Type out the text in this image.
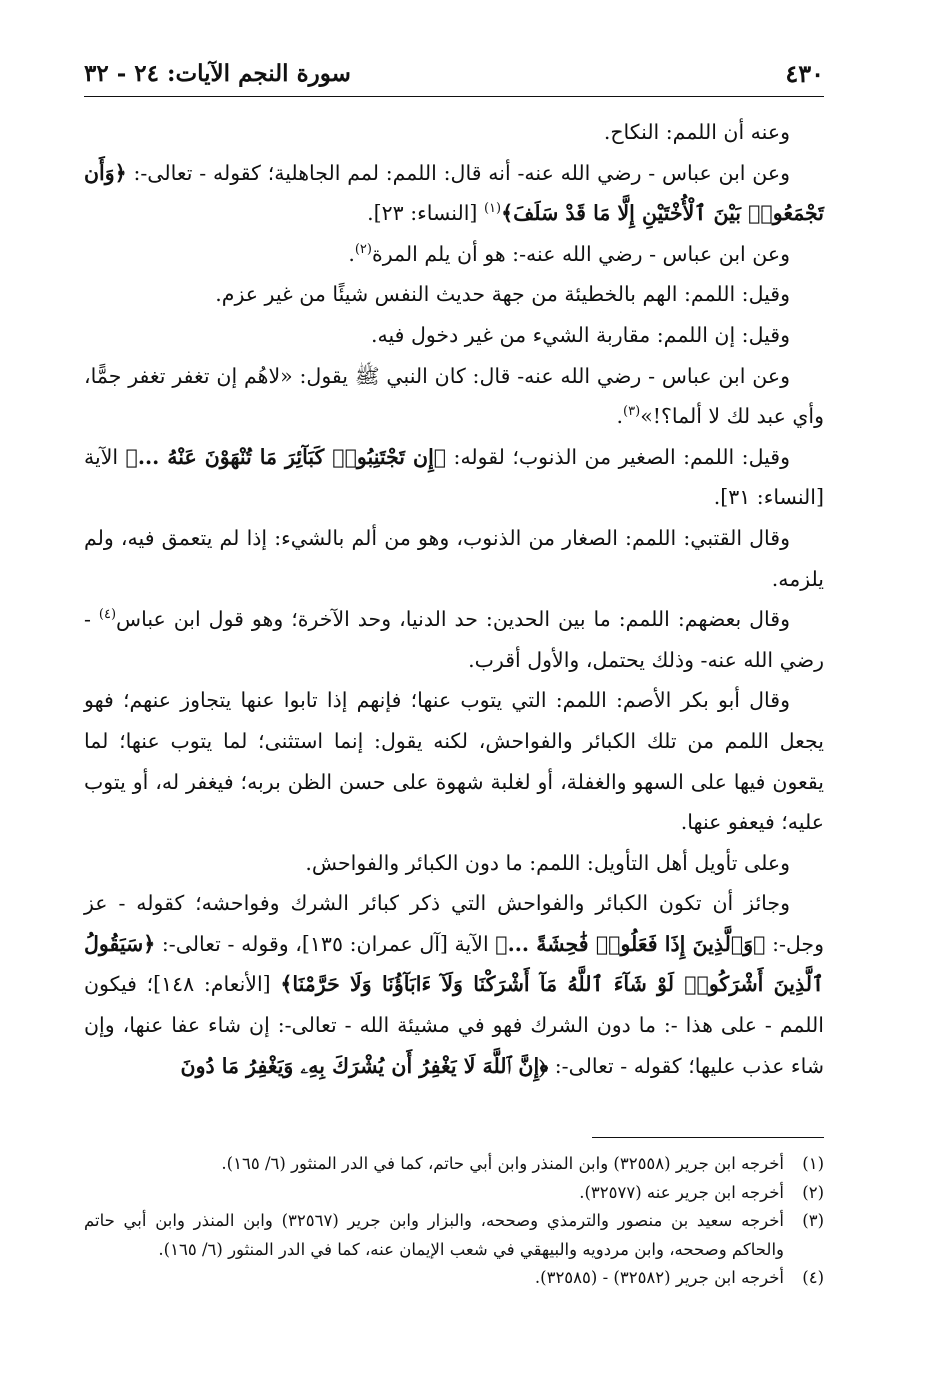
٤٣٠
سورة النجم الآيات: ٢٤ - ٣٢

وعنه أن اللمم: النكاح.

وعن ابن عباس - رضي الله عنه- أنه قال: اللمم: لمم الجاهلية؛ كقوله - تعالى-: ﴿وَأَن تَجْمَعُوا۟ بَيْنَ ٱلْأُخْتَيْنِ إِلَّا مَا قَدْ سَلَفَ﴾$^{(١)}$ [النساء: ٢٣].

وعن ابن عباس - رضي الله عنه-: هو أن يلم المرة$^{(٢)}$.

وقيل: اللمم: الهم بالخطيئة من جهة حديث النفس شيئًا من غير عزم.

وقيل: إن اللمم: مقاربة الشيء من غير دخول فيه.

وعن ابن عباس - رضي الله عنه- قال: كان النبي ﷺ يقول: «لاهُم إن تغفر تغفر جمًّا، وأي عبد لك لا ألما؟!»$^{(٣)}$.

وقيل: اللمم: الصغير من الذنوب؛ لقوله: ﴿إِن تَجْتَنِبُوا۟ كَبَآئِرَ مَا تُنْهَوْنَ عَنْهُ ...﴾ الآية [النساء: ٣١].

وقال القتبي: اللمم: الصغار من الذنوب، وهو من ألم بالشيء: إذا لم يتعمق فيه، ولم يلزمه.

وقال بعضهم: اللمم: ما بين الحدين: حد الدنيا، وحد الآخرة؛ وهو قول ابن عباس$^{(٤)}$ - رضي الله عنه- وذلك يحتمل، والأول أقرب.

وقال أبو بكر الأصم: اللمم: التي يتوب عنها؛ فإنهم إذا تابوا عنها يتجاوز عنهم؛ فهو يجعل اللمم من تلك الكبائر والفواحش، لكنه يقول: إنما استثنى؛ لما يتوب عنها؛ لما يقعون فيها على السهو والغفلة، أو لغلبة شهوة على حسن الظن بربه؛ فيغفر له، أو يتوب عليه؛ فيعفو عنها.

وعلى تأويل أهل التأويل: اللمم: ما دون الكبائر والفواحش.

وجائز أن تكون الكبائر والفواحش التي ذكر كبائر الشرك وفواحشه؛ كقوله - عز وجل-: ﴿وَٱلَّذِينَ إِذَا فَعَلُوا۟ فَٰحِشَةً ...﴾ الآية [آل عمران: ١٣٥]، وقوله - تعالى-: ﴿سَيَقُولُ ٱلَّذِينَ أَشْرَكُوا۟ لَوْ شَآءَ ٱللَّهُ مَآ أَشْرَكْنَا وَلَآ ءَابَآؤُنَا وَلَا حَرَّمْنَا﴾ [الأنعام: ١٤٨]؛ فيكون اللمم - على هذا -: ما دون الشرك فهو في مشيئة الله - تعالى-: إن شاء عفا عنها، وإن شاء عذب عليها؛ كقوله - تعالى-: ﴿إِنَّ ٱللَّهَ لَا يَغْفِرُ أَن يُشْرَكَ بِهِۦ وَيَغْفِرُ مَا دُونَ

(١)
أخرجه ابن جرير (٣٢٥٥٨) وابن المنذر وابن أبي حاتم، كما في الدر المنثور (٦/ ١٦٥).
(٢)
أخرجه ابن جرير عنه (٣٢٥٧٧).
(٣)
أخرجه سعيد بن منصور والترمذي وصححه، والبزار وابن جرير (٣٢٥٦٧) وابن المنذر وابن أبي حاتم والحاكم وصححه، وابن مردويه والبيهقي في شعب الإيمان عنه، كما في الدر المنثور (٦/ ١٦٥).
(٤)
أخرجه ابن جرير (٣٢٥٨٢) - (٣٢٥٨٥).
